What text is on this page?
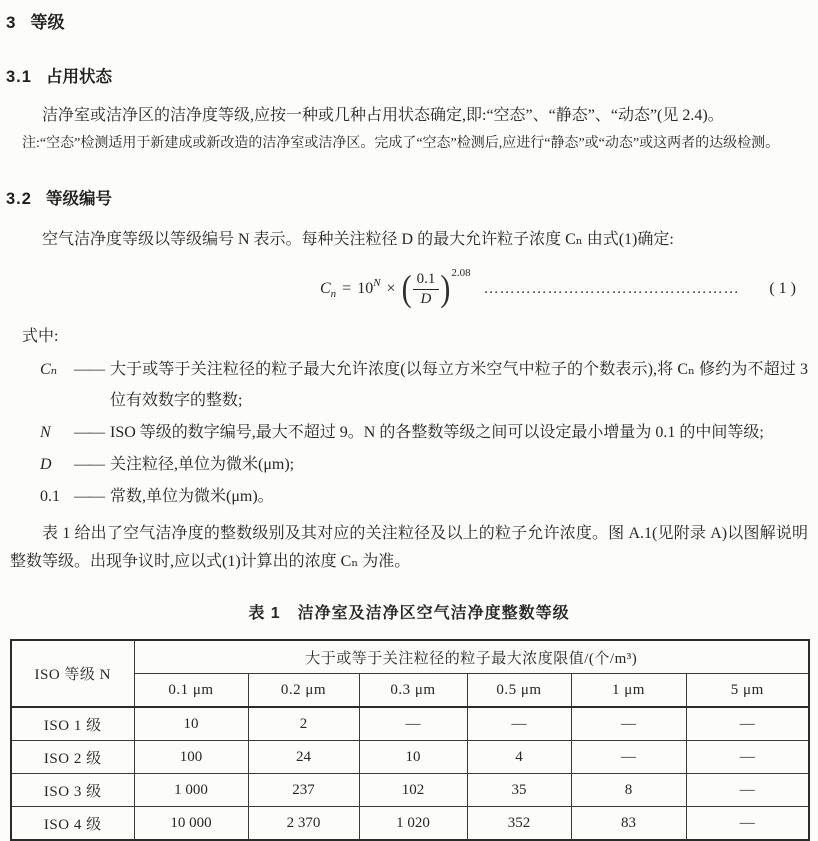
3 等级
3.1 占用状态

洁净室或洁净区的洁净度等级,应按一种或几种占用状态确定,即:“空态”、“静态”、“动态”(见 2.4)。

注:“空态”检测适用于新建成或新改造的洁净室或洁净区。完成了“空态”检测后,应进行“静态”或“动态”或这两者的达级检测。

3.2 等级编号

空气洁净度等级以等级编号 N 表示。每种关注粒径 D 的最大允许粒子浓度 Cₙ 由式(1)确定:

C n = 10 N × ( $\frac{0.1}{D}$ ) 2.08
…………………………………………	( 1 )

式中:

Cₙ	—— 大于或等于关注粒径的粒子最大允许浓度(以每立方米空气中粒子的个数表示),将 Cₙ 修约为不超过 3 位有效数字的整数;
N	—— ISO 等级的数字编号,最大不超过 9。N 的各整数等级之间可以设定最小增量为 0.1 的中间等级;
D	—— 关注粒径,单位为微米(μm);
0.1 —— 常数,单位为微米(μm)。

表 1 给出了空气洁净度的整数级别及其对应的关注粒径及以上的粒子允许浓度。图 A.1(见附录 A)以图解说明整数等级。出现争议时,应以式(1)计算出的浓度 Cₙ 为准。

表 1　洁净室及洁净区空气洁净度整数等级
ISO 等级 N	大于或等于关注粒径的粒子最大浓度限值/(个/m³)					
	0.1 μm	0.2 μm	0.3 μm	0.5 μm	1 μm	5 μm
ISO 1 级	10	2	—	—	—	—
ISO 2 级	100	24	10	4	—	—
ISO 3 级	1 000	237	102	35	8	—
ISO 4 级	10 000	2 370	1 020	352	83	—
